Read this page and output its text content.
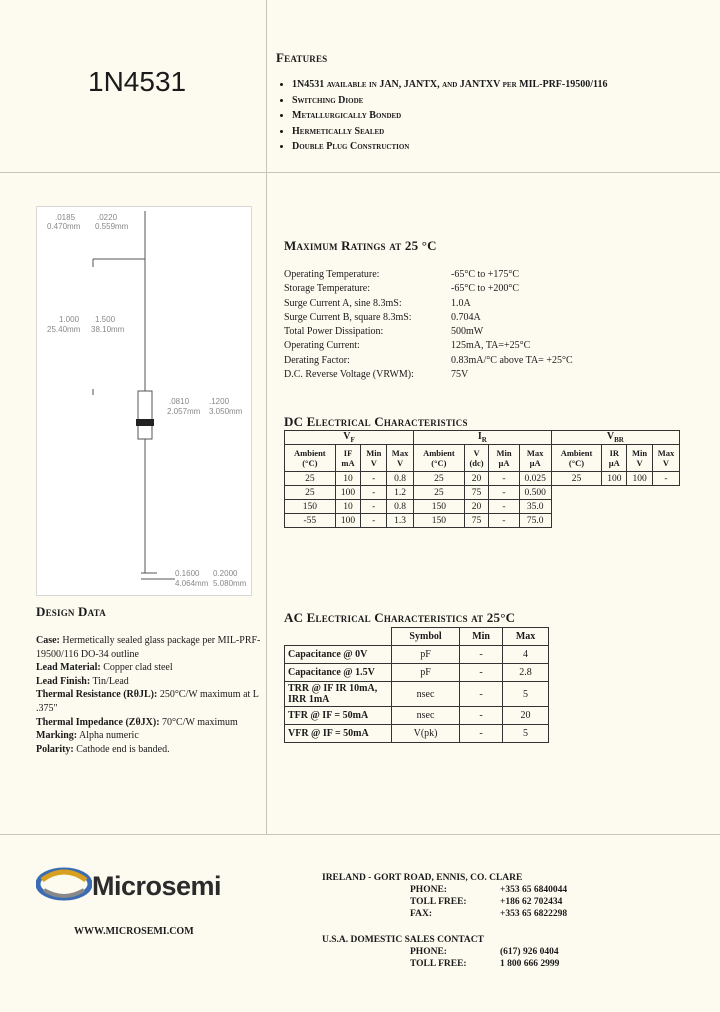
1N4531
Features
• 1N4531 available in JAN, JANTX, and JANTXV per MIL-PRF-19500/116
• Switching Diode
• Metallurgically Bonded
• Hermetically Sealed
• Double Plug Construction
.0185	.0220
0.470mm 0.559mm
1.000 1.500
25.40mm 38.10mm
.0810 .1200
2.057mm 3.050mm
0.1600 0.2000
4.064mm 5.080mm
Maximum Ratings at 25 °C
Operating Temperature:	-65°C to +175°C
Storage Temperature:	-65°C to +200°C
Surge Current A, sine 8.3mS:	1.0A
Surge Current B, square 8.3mS:	0.704A
Total Power Dissipation:	500mW
Operating Current:	125mA, TA=+25°C
Derating Factor:	0.83mA/°C above TA= +25°C
D.C. Reverse Voltage (VRWM):	75V
DC Electrical Characteristics
$V_F$				$I_R$				$V_{BR}$
Ambient (°C)	IF mA	Min V	Max V	Ambient (°C)	V (dc)	Min µA	Max µA	Ambient (°C)	IR µA	Min V	Max V
25	10	-	0.8	25	20	-	0.025	25	100	100	-
25	100	-	1.2	25	75	-	0.500				
150	10	-	0.8	150	20	-	35.0				
-55	100	-	1.3	150	75	-	75.0				
AC Electrical Characteristics at 25°C
	Symbol	Min	Max
Capacitance @ 0V	pF	-	4
Capacitance @ 1.5V	pF	-	2.8
TRR @ IF IR 10mA, IRR 1mA	nsec	-	5
TFR @ IF = 50mA	nsec	-	20
VFR @ IF = 50mA	V(pk)	-	5
Design Data
Case: Hermetically sealed glass package per MIL-PRF-19500/116 DO-34 outline
Lead Material: Copper clad steel
Lead Finish: Tin/Lead
Thermal Resistance (RθJL): 250°C/W maximum at L .375"
Thermal Impedance (ZθJX): 70°C/W maximum
Marking: Alpha numeric
Polarity: Cathode end is banded.
Microsemi
WWW.MICROSEMI.COM
IRELAND - GORT ROAD, ENNIS, CO. CLARE
PHONE:	+353 65 6840044
TOLL FREE:	+186 62 702434
FAX:	+353 65 6822298
U.S.A. DOMESTIC SALES CONTACT
PHONE:	(617) 926 0404
TOLL FREE:	1 800 666 2999
